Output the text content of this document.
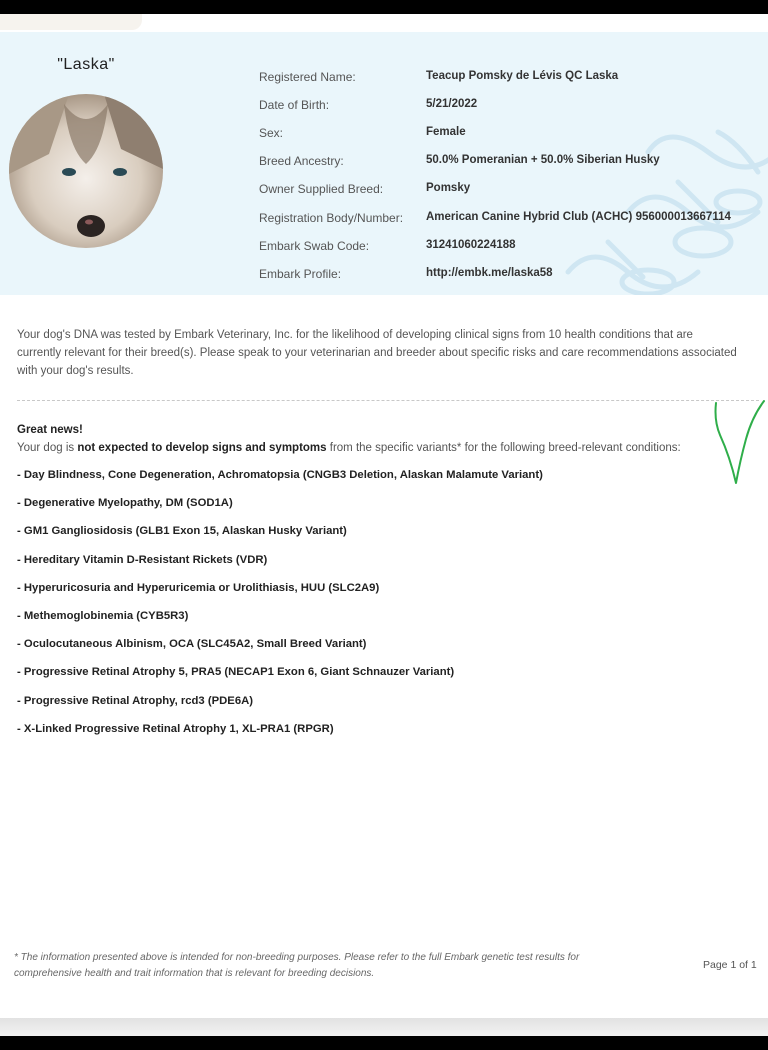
"Laska"
Registered Name:	Teacup Pomsky de Lévis QC Laska
Date of Birth:	5/21/2022
Sex:	Female
Breed Ancestry:	50.0% Pomeranian + 50.0% Siberian Husky
Owner Supplied Breed:	Pomsky
Registration Body/Number: American Canine Hybrid Club (ACHC) 956000013667114
Embark Swab Code:	31241060224188
Embark Profile:	http://embk.me/laska58
Your dog's DNA was tested by Embark Veterinary, Inc. for the likelihood of developing clinical signs from 10 health conditions that are currently relevant for their breed(s). Please speak to your veterinarian and breeder about specific risks and care recommendations associated with your dog's results.
Great news!
Your dog is not expected to develop signs and symptoms from the specific variants* for the following breed-relevant conditions:
- Day Blindness, Cone Degeneration, Achromatopsia (CNGB3 Deletion, Alaskan Malamute Variant)
- Degenerative Myelopathy, DM (SOD1A)
- GM1 Gangliosidosis (GLB1 Exon 15, Alaskan Husky Variant)
- Hereditary Vitamin D-Resistant Rickets (VDR)
- Hyperuricosuria and Hyperuricemia or Urolithiasis, HUU (SLC2A9)
- Methemoglobinemia (CYB5R3)
- Oculocutaneous Albinism, OCA (SLC45A2, Small Breed Variant)
- Progressive Retinal Atrophy 5, PRA5 (NECAP1 Exon 6, Giant Schnauzer Variant)
- Progressive Retinal Atrophy, rcd3 (PDE6A)
- X-Linked Progressive Retinal Atrophy 1, XL-PRA1 (RPGR)
* The information presented above is intended for non-breeding purposes. Please refer to the full Embark genetic test results for comprehensive health and trait information that is relevant for breeding decisions.
Page 1 of 1
